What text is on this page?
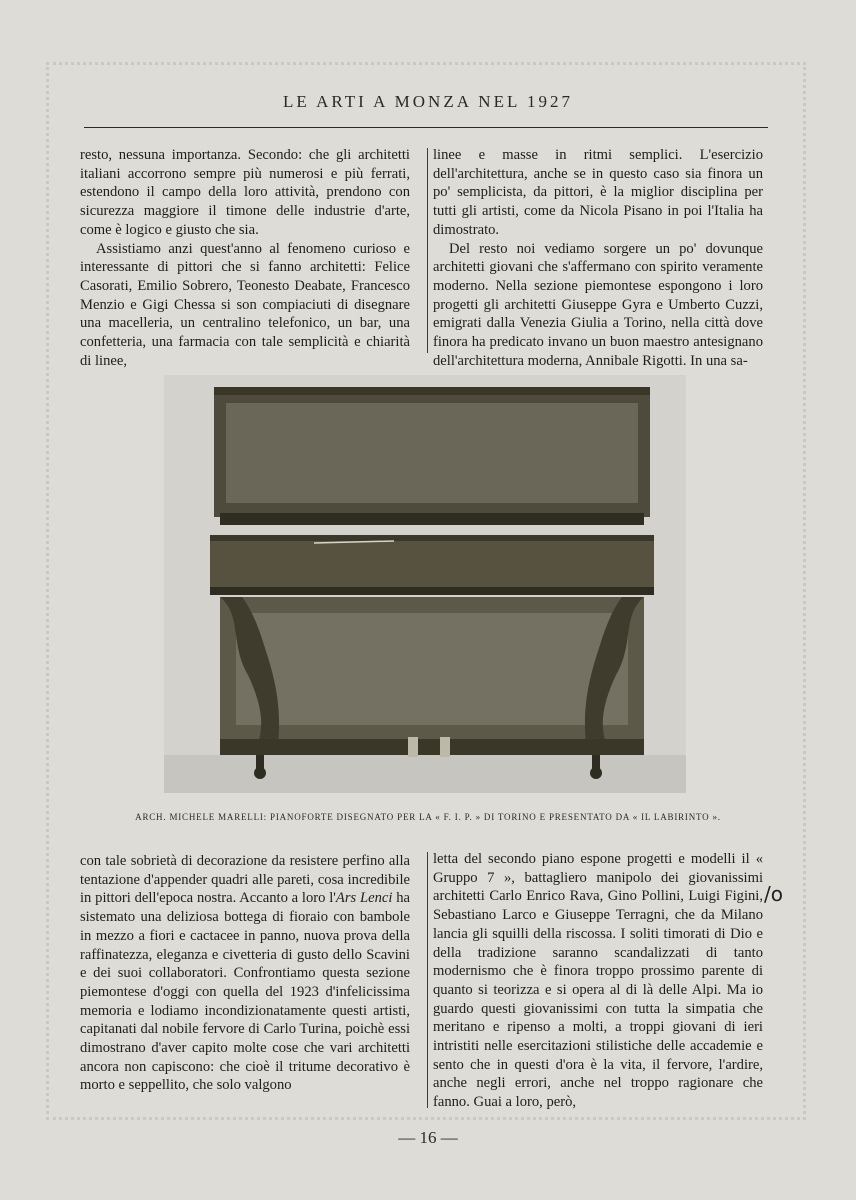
LE ARTI A MONZA NEL 1927

resto, nessuna importanza. Secondo: che gli architetti italiani accorrono sempre più numerosi e più ferrati, estendono il campo della loro attività, prendono con sicurezza maggiore il timone delle industrie d'arte, come è logico e giusto che sia.

Assistiamo anzi quest'anno al fenomeno curioso e interessante di pittori che si fanno architetti: Felice Casorati, Emilio Sobrero, Teonesto Deabate, Francesco Menzio e Gigi Chessa si son compiaciuti di disegnare una macelleria, un centralino telefonico, un bar, una confetteria, una farmacia con tale semplicità e chiarità di linee,

linee e masse in ritmi semplici. L'esercizio dell'architettura, anche se in questo caso sia finora un po' semplicista, da pittori, è la miglior disciplina per tutti gli artisti, come da Nicola Pisano in poi l'Italia ha dimostrato.

Del resto noi vediamo sorgere un po' dovunque architetti giovani che s'affermano con spirito veramente moderno. Nella sezione piemontese espongono i loro progetti gli architetti Giuseppe Gyra e Umberto Cuzzi, emigrati dalla Venezia Giulia a Torino, nella città dove finora ha predicato invano un buon maestro antesignano dell'architettura moderna, Annibale Rigotti. In una sa-

ARCH. MICHELE MARELLI: PIANOFORTE DISEGNATO PER LA « F. I. P. » DI TORINO E PRESENTATO DA « IL LABIRINTO ».

con tale sobrietà di decorazione da resistere perfino alla tentazione d'appender quadri alle pareti, cosa incredibile in pittori dell'epoca nostra. Accanto a loro l'Ars Lenci ha sistemato una deliziosa bottega di fioraio con bambole in mezzo a fiori e cactacee in panno, nuova prova della raffinatezza, eleganza e civetteria di gusto dello Scavini e dei suoi collaboratori. Confrontiamo questa sezione piemontese d'oggi con quella del 1923 d'infelicissima memoria e lodiamo incondizionatamente questi artisti, capitanati dal nobile fervore di Carlo Turina, poichè essi dimostrano d'aver capito molte cose che vari architetti ancora non capiscono: che cioè il tritume decorativo è morto e seppellito, che solo valgono

letta del secondo piano espone progetti e modelli il « Gruppo 7 », battagliero manipolo dei giovanissimi architetti Carlo Enrico Rava, Gino Pollini, Luigi Figini, Sebastiano Larco e Giuseppe Terragni, che da Milano lancia gli squilli della riscossa. I soliti timorati di Dio e della tradizione saranno scandalizzati di tanto modernismo che è finora troppo prossimo parente di quanto si teorizza e si opera al di là delle Alpi. Ma io guardo questi giovanissimi con tutta la simpatia che meritano e ripenso a molti, a troppi giovani di ieri intristiti nelle esercitazioni stilistiche delle accademie e sento che in questi d'ora è la vita, il fervore, l'ardire, anche negli errori, anche nel troppo ragionare che fanno. Guai a loro, però,

/o
— 16 —
